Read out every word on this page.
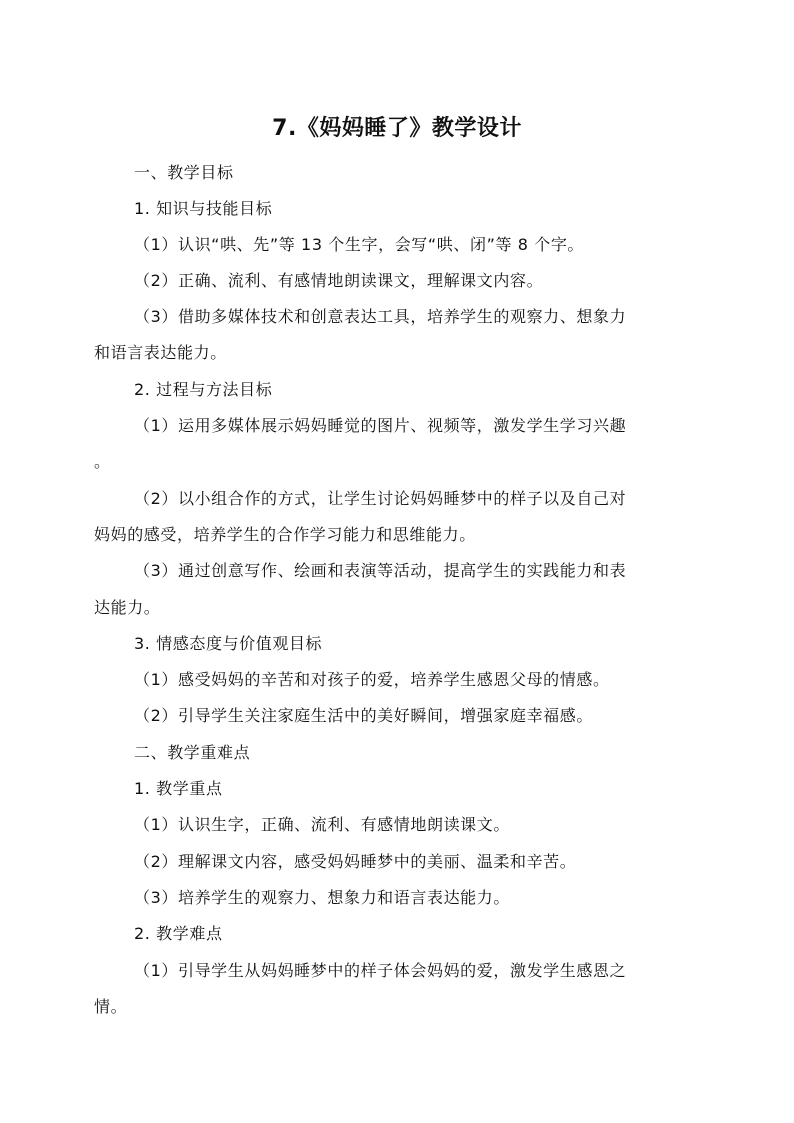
7.《妈妈睡了》教学设计
一、教学目标
1. 知识与技能目标
（1）认识“哄、先”等 13 个生字，会写“哄、闭”等 8 个字。
（2）正确、流利、有感情地朗读课文，理解课文内容。
（3）借助多媒体技术和创意表达工具，培养学生的观察力、想象力
和语言表达能力。
2. 过程与方法目标
（1）运用多媒体展示妈妈睡觉的图片、视频等，激发学生学习兴趣
。
（2）以小组合作的方式，让学生讨论妈妈睡梦中的样子以及自己对
妈妈的感受，培养学生的合作学习能力和思维能力。
（3）通过创意写作、绘画和表演等活动，提高学生的实践能力和表
达能力。
3. 情感态度与价值观目标
（1）感受妈妈的辛苦和对孩子的爱，培养学生感恩父母的情感。
（2）引导学生关注家庭生活中的美好瞬间，增强家庭幸福感。
二、教学重难点
1. 教学重点
（1）认识生字，正确、流利、有感情地朗读课文。
（2）理解课文内容，感受妈妈睡梦中的美丽、温柔和辛苦。
（3）培养学生的观察力、想象力和语言表达能力。
2. 教学难点
（1）引导学生从妈妈睡梦中的样子体会妈妈的爱，激发学生感恩之
情。
